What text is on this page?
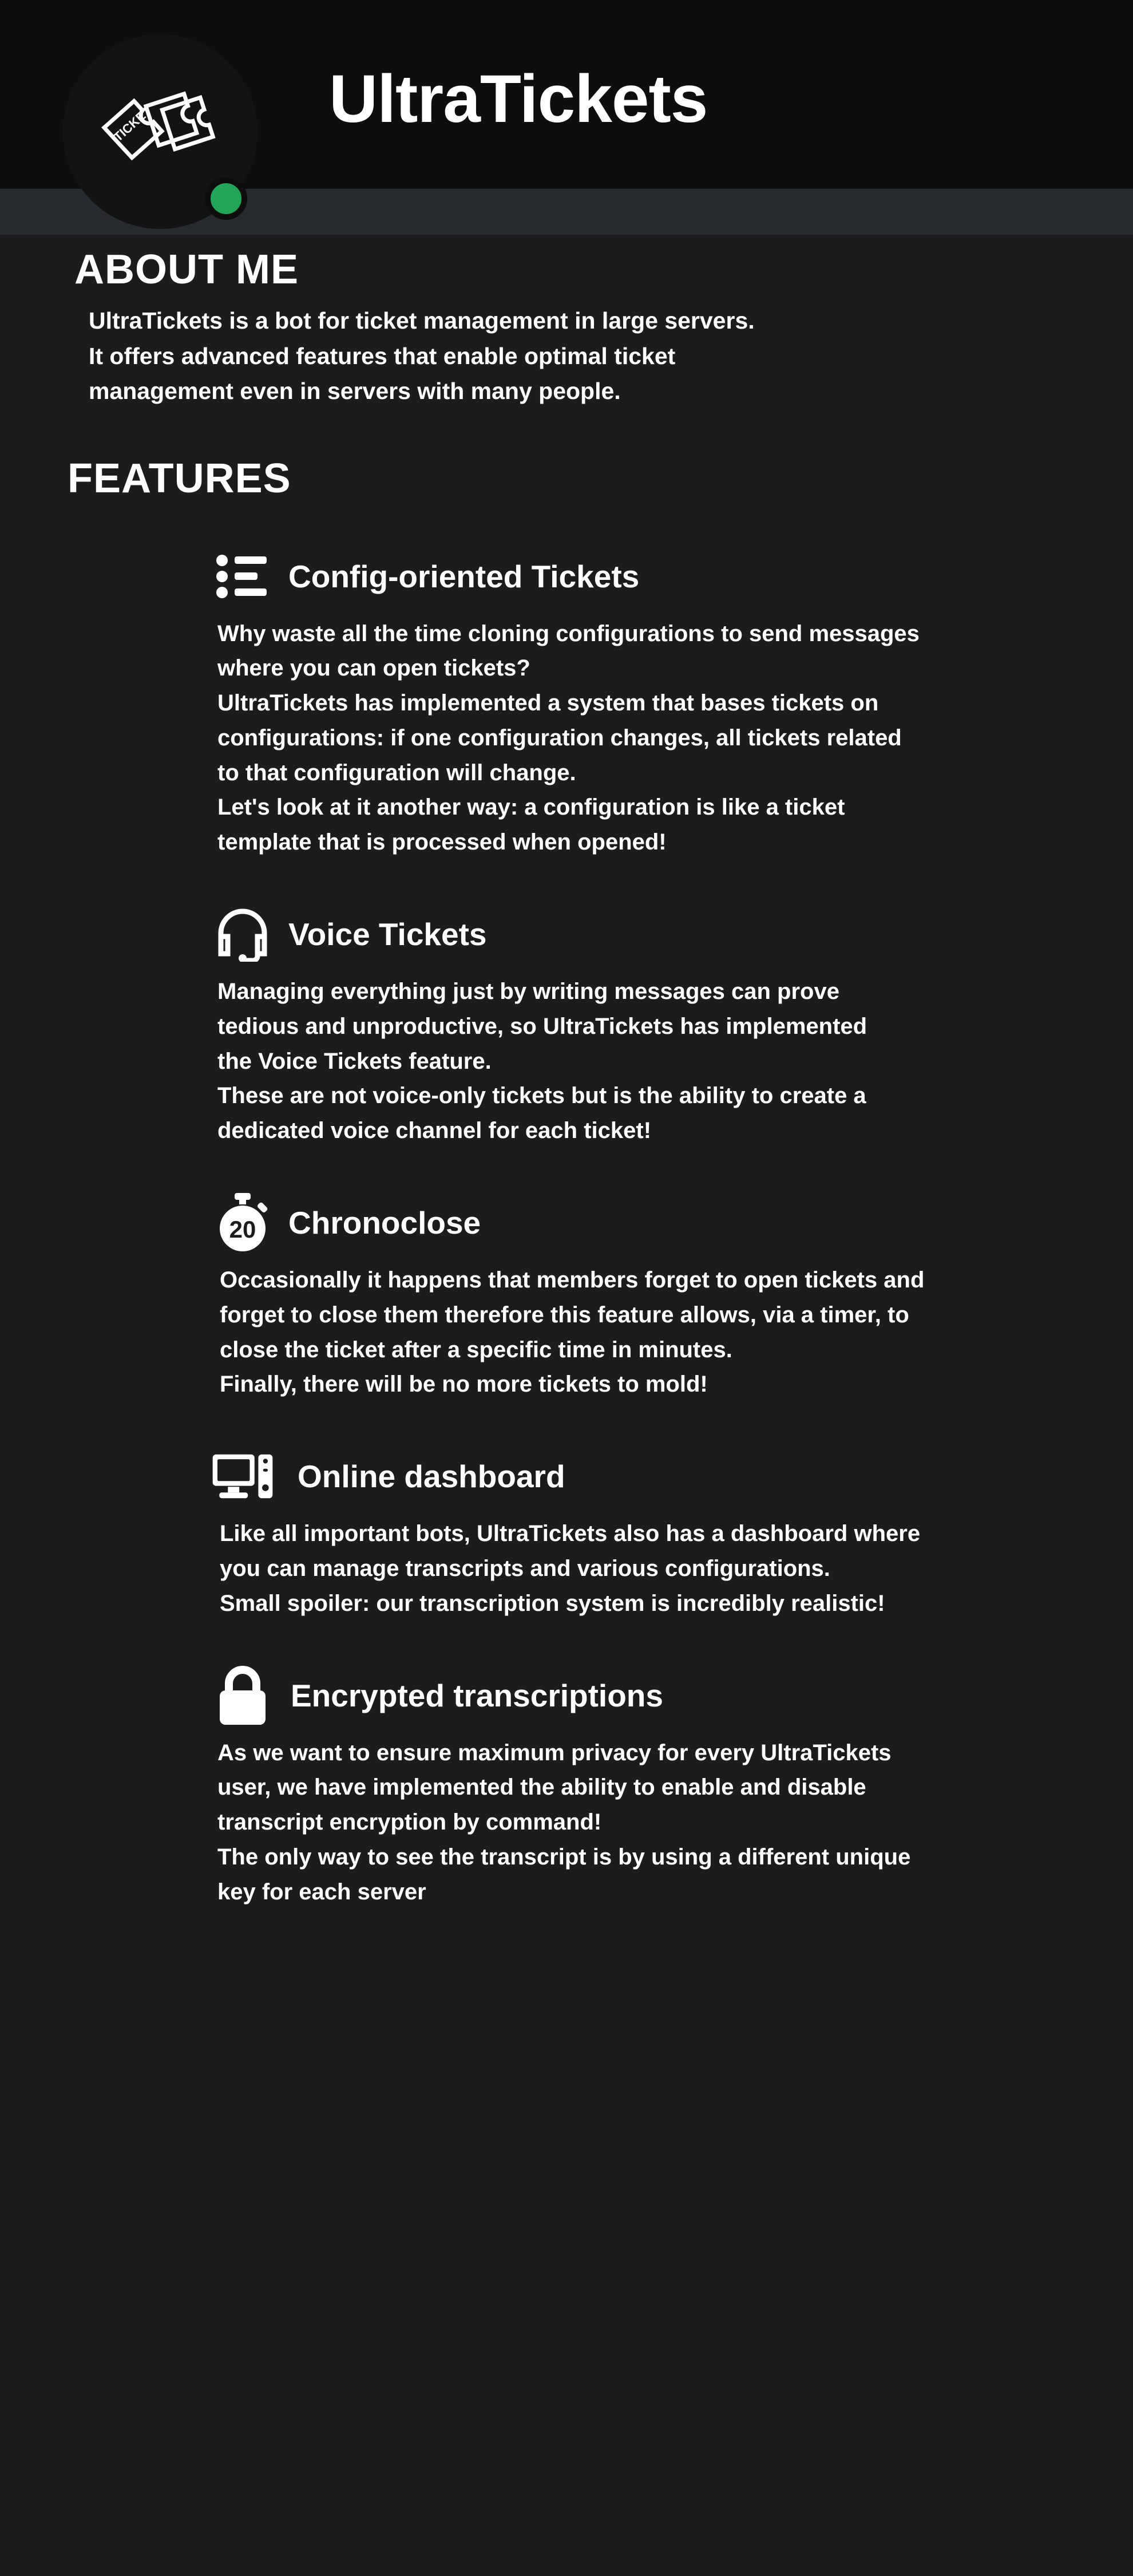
TICKET	UltraTickets
ABOUT ME

UltraTickets is a bot for ticket management in large servers.

It offers advanced features that enable optimal ticket

management even in servers with many people.

FEATURES
Config-oriented Tickets

Why waste all the time cloning configurations to send messages

where you can open tickets?

UltraTickets has implemented a system that bases tickets on

configurations: if one configuration changes, all tickets related

to that configuration will change.

Let's look at it another way: a configuration is like a ticket

template that is processed when opened!

Voice Tickets

Managing everything just by writing messages can prove

tedious and unproductive, so UltraTickets has implemented

the Voice Tickets feature.

These are not voice-only tickets but is the ability to create a

dedicated voice channel for each ticket!

20 Chronoclose

Occasionally it happens that members forget to open tickets and

forget to close them therefore this feature allows, via a timer, to

close the ticket after a specific time in minutes.

Finally, there will be no more tickets to mold!

Online dashboard

Like all important bots, UltraTickets also has a dashboard where

you can manage transcripts and various configurations.

Small spoiler: our transcription system is incredibly realistic!

Encrypted transcriptions

As we want to ensure maximum privacy for every UltraTickets

user, we have implemented the ability to enable and disable

transcript encryption by command!

The only way to see the transcript is by using a different unique

key for each server
